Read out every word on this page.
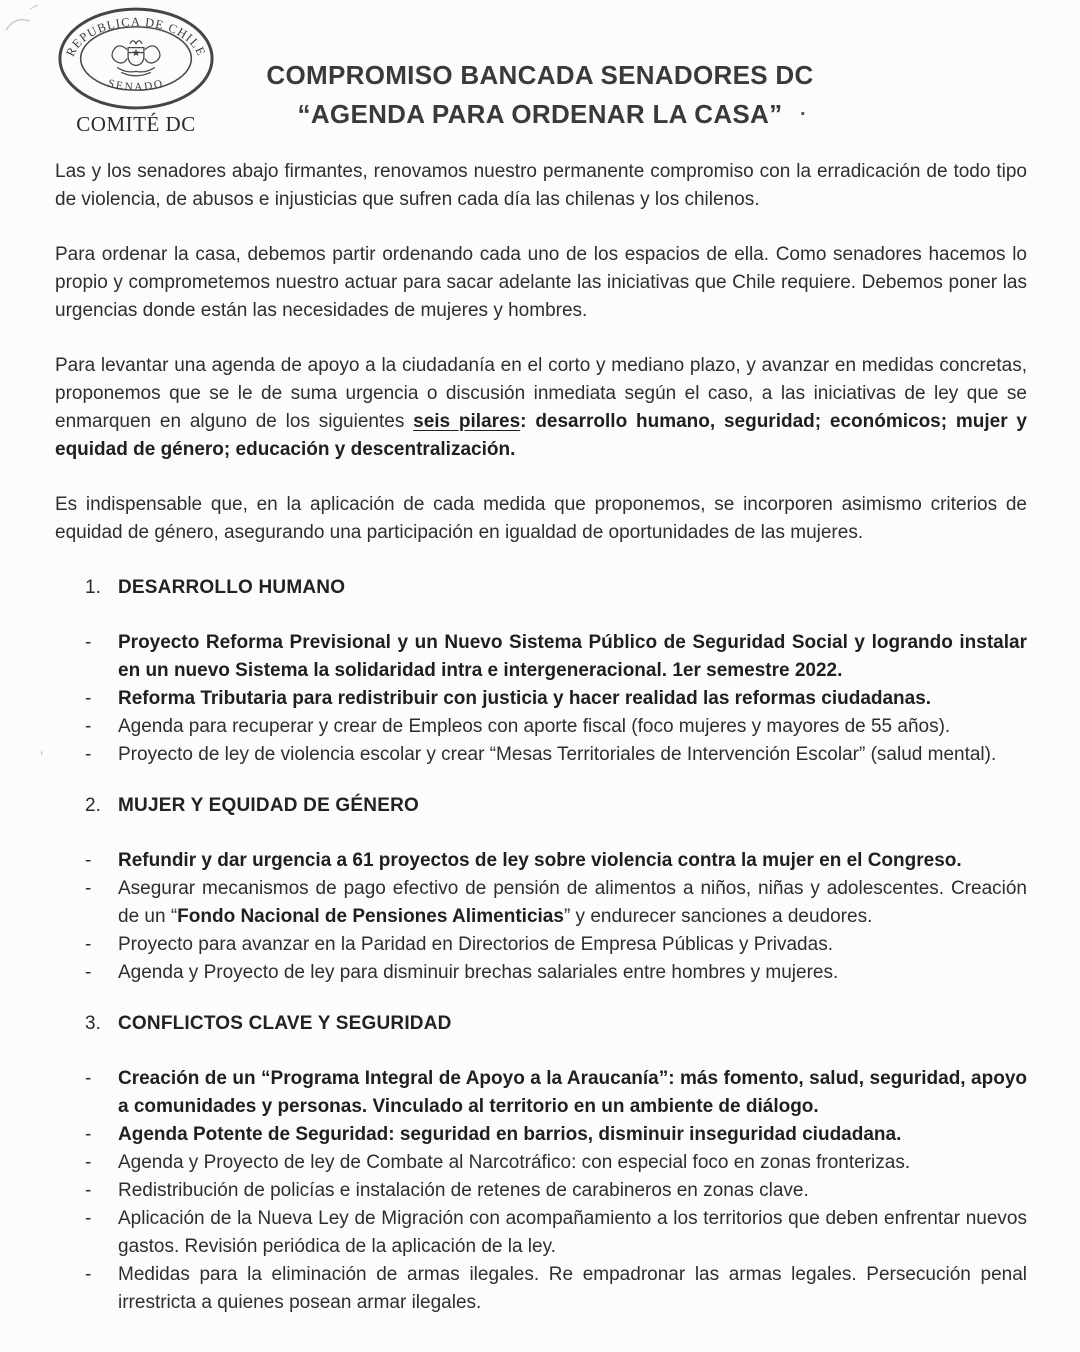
’
REPUBLICA DE CHILE
SENADO
COMITÉ DC
COMPROMISO BANCADA SENADORES DC
“AGENDA PARA ORDENAR LA CASA” .

Las y los senadores abajo firmantes, renovamos nuestro permanente compromiso con la erradicación de todo tipo de violencia, de abusos e injusticias que sufren cada día las chilenas y los chilenos.

Para ordenar la casa, debemos partir ordenando cada uno de los espacios de ella. Como senadores hacemos lo propio y comprometemos nuestro actuar para sacar adelante las iniciativas que Chile requiere. Debemos poner las urgencias donde están las necesidades de mujeres y hombres.

Para levantar una agenda de apoyo a la ciudadanía en el corto y mediano plazo, y avanzar en medidas concretas, proponemos que se le de suma urgencia o discusión inmediata según el caso, a las iniciativas de ley que se enmarquen en alguno de los siguientes seis pilares: desarrollo humano, seguridad; económicos; mujer y equidad de género; educación y descentralización.

Es indispensable que, en la aplicación de cada medida que proponemos, se incorporen asimismo criterios de equidad de género, asegurando una participación en igualdad de oportunidades de las mujeres.

1. DESARROLLO HUMANO
-	Proyecto Reforma Previsional y un Nuevo Sistema Público de Seguridad Social y logrando instalar en un nuevo Sistema la solidaridad intra e intergeneracional. 1er semestre 2022.
-	Reforma Tributaria para redistribuir con justicia y hacer realidad las reformas ciudadanas.
-	Agenda para recuperar y crear de Empleos con aporte fiscal (foco mujeres y mayores de 55 años).
-	Proyecto de ley de violencia escolar y crear “Mesas Territoriales de Intervención Escolar” (salud mental).
2. MUJER Y EQUIDAD DE GÉNERO
-	Refundir y dar urgencia a 61 proyectos de ley sobre violencia contra la mujer en el Congreso.
-	Asegurar mecanismos de pago efectivo de pensión de alimentos a niños, niñas y adolescentes. Creación de un “Fondo Nacional de Pensiones Alimenticias” y endurecer sanciones a deudores.
-	Proyecto para avanzar en la Paridad en Directorios de Empresa Públicas y Privadas.
-	Agenda y Proyecto de ley para disminuir brechas salariales entre hombres y mujeres.
3. CONFLICTOS CLAVE Y SEGURIDAD
-	Creación de un “Programa Integral de Apoyo a la Araucanía”: más fomento, salud, seguridad, apoyo a comunidades y personas. Vinculado al territorio en un ambiente de diálogo.
-	Agenda Potente de Seguridad: seguridad en barrios, disminuir inseguridad ciudadana.
-	Agenda y Proyecto de ley de Combate al Narcotráfico: con especial foco en zonas fronterizas.
-	Redistribución de policías e instalación de retenes de carabineros en zonas clave.
-	Aplicación de la Nueva Ley de Migración con acompañamiento a los territorios que deben enfrentar nuevos gastos. Revisión periódica de la aplicación de la ley.
-	Medidas para la eliminación de armas ilegales. Re empadronar las armas legales. Persecución penal irrestricta a quienes posean armar ilegales.
